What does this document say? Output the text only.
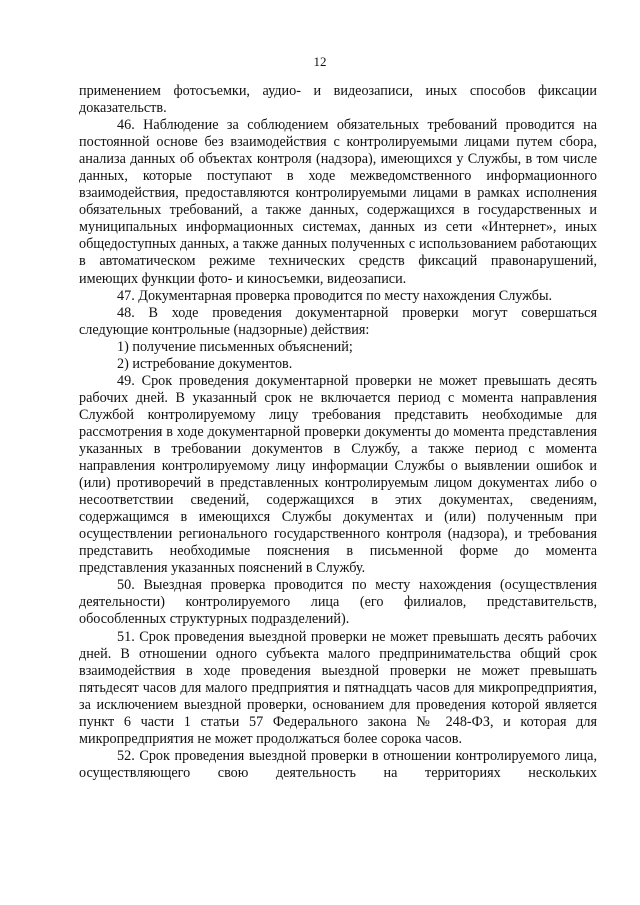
12

применением фотосъемки, аудио- и видеозаписи, иных способов фиксации доказательств.

46. Наблюдение за соблюдением обязательных требований проводится на постоянной основе без взаимодействия с контролируемыми лицами путем сбора, анализа данных об объектах контроля (надзора), имеющихся у Службы, в том числе данных, которые поступают в ходе межведомственного информационного взаимодействия, предоставляются контролируемыми лицами в рамках исполнения обязательных требований, а также данных, содержащихся в государственных и муниципальных информационных системах, данных из сети «Интернет», иных общедоступных данных, а также данных полученных с использованием работающих в автоматическом режиме технических средств фиксаций правонарушений, имеющих функции фото- и киносъемки, видеозаписи.

47. Документарная проверка проводится по месту нахождения Службы.

48. В ходе проведения документарной проверки могут совершаться следующие контрольные (надзорные) действия:

1) получение письменных объяснений;

2) истребование документов.

49. Срок проведения документарной проверки не может превышать десять рабочих дней. В указанный срок не включается период с момента направления Службой контролируемому лицу требования представить необходимые для рассмотрения в ходе документарной проверки документы до момента представления указанных в требовании документов в Службу, а также период с момента направления контролируемому лицу информации Службы о выявлении ошибок и (или) противоречий в представленных контролируемым лицом документах либо о несоответствии сведений, содержащихся в этих документах, сведениям, содержащимся в имеющихся Службы документах и (или) полученным при осуществлении регионального государственного контроля (надзора), и требования представить необходимые пояснения в письменной форме до момента представления указанных пояснений в Службу.

50. Выездная проверка проводится по месту нахождения (осуществления деятельности) контролируемого лица (его филиалов, представительств, обособленных структурных подразделений).

51. Срок проведения выездной проверки не может превышать десять рабочих дней. В отношении одного субъекта малого предпринимательства общий срок взаимодействия в ходе проведения выездной проверки не может превышать пятьдесят часов для малого предприятия и пятнадцать часов для микропредприятия, за исключением выездной проверки, основанием для проведения которой является пункт 6 части 1 статьи 57 Федерального закона № 248-ФЗ, и которая для микропредприятия не может продолжаться более сорока часов.

52. Срок проведения выездной проверки в отношении контролируемого лица, осуществляющего свою деятельность на территориях нескольких
